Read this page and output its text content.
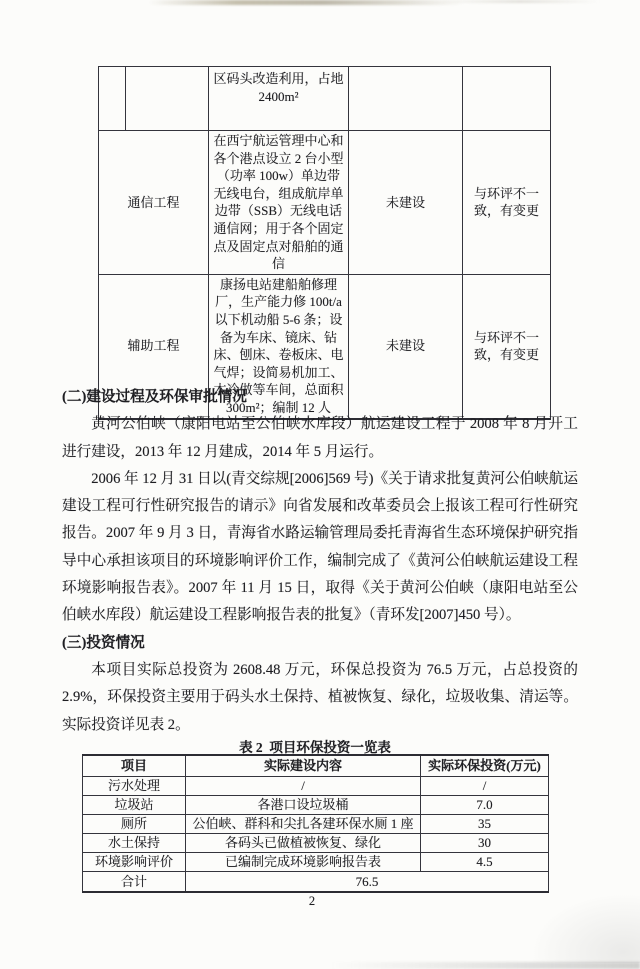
		区码头改造利用，占地 2400m²		
通信工程		在西宁航运管理中心和各个港点设立 2 台小型（功率 100w）单边带无线电台，组成航岸单边带（SSB）无线电话通信网；用于各个固定点及固定点对船舶的通信	未建设	与环评不一致，有变更
辅助工程		康扬电站建船舶修理厂，生产能力修 100t/a 以下机动船 5-6 条；设备为车床、镜床、钻床、刨床、卷板床、电气焊；设简易机加工、木冷做等车间，总面积 300m²；编制 12 人	未建设	与环评不一致，有变更
(二)建设过程及环保审批情况

黄河公伯峡（康阳电站至公伯峡水库段）航运建设工程于 2008 年 8 月开工进行建设，2013 年 12 月建成，2014 年 5 月运行。

2006 年 12 月 31 日以(青交综规[2006]569 号)《关于请求批复黄河公伯峡航运建设工程可行性研究报告的请示》向省发展和改革委员会上报该工程可行性研究报告。2007 年 9 月 3 日，青海省水路运输管理局委托青海省生态环境保护研究指导中心承担该项目的环境影响评价工作，编制完成了《黄河公伯峡航运建设工程环境影响报告表》。2007 年 11 月 15 日，取得《关于黄河公伯峡（康阳电站至公伯峡水库段）航运建设工程影响报告表的批复》（青环发[2007]450 号）。

(三)投资情况

本项目实际总投资为 2608.48 万元，环保总投资为 76.5 万元，占总投资的 2.9%，环保投资主要用于码头水土保持、植被恢复、绿化，垃圾收集、清运等。实际投资详见表 2。

表 2  项目环保投资一览表
项目	实际建设内容	实际环保投资(万元)
污水处理	/	/
垃圾站	各港口设垃圾桶	7.0
厕所	公伯峡、群科和尖扎各建环保水厕 1 座	35
水土保持	各码头已做植被恢复、绿化	30
环境影响评价	已编制完成环境影响报告表	4.5
合计	76.5	
2
